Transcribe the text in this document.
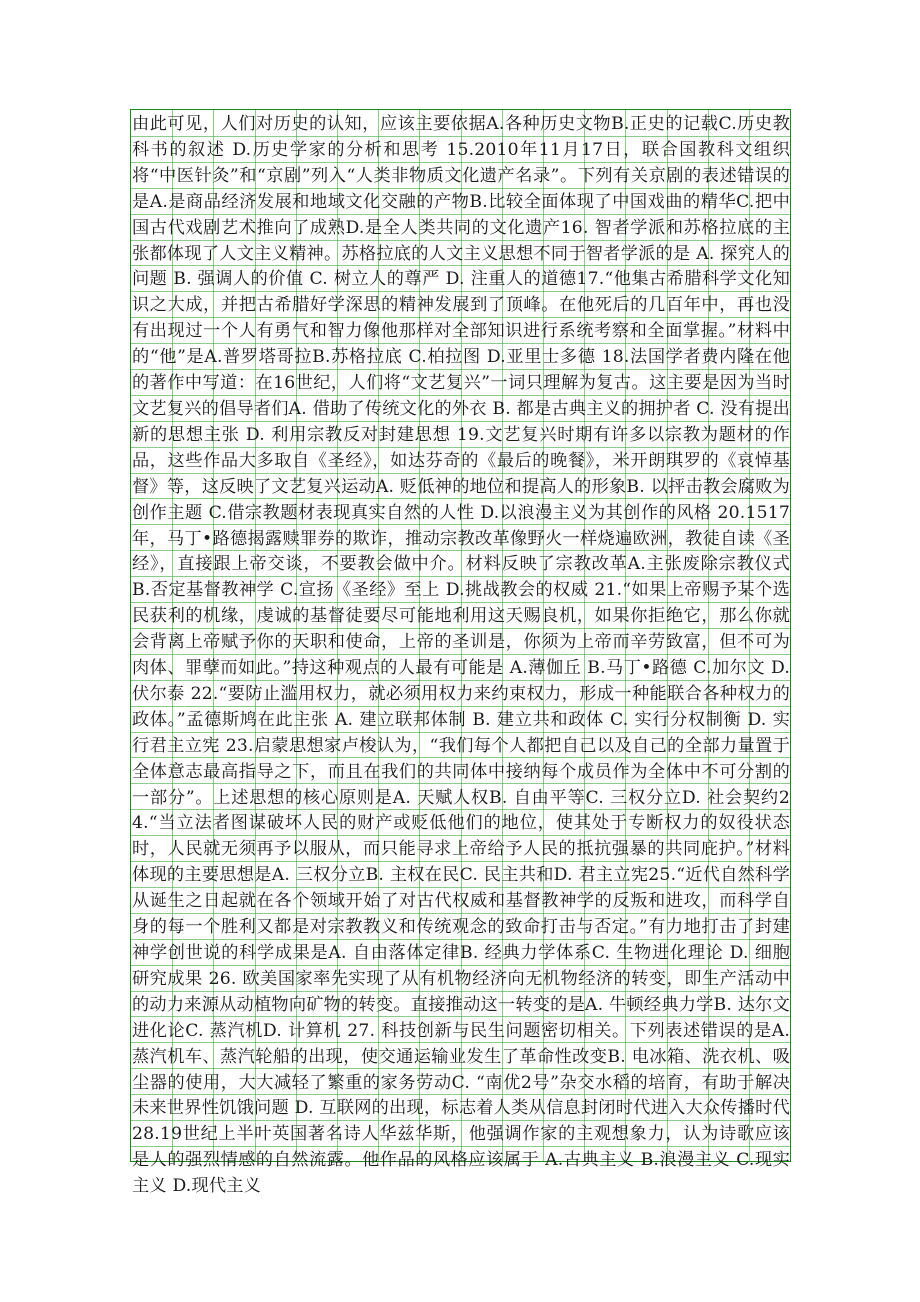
由此可见，人们对历史的认知，应该主要依据A.各种历史文物B.正史的记载C.历史教科书的叙述 D.历史学家的分析和思考 15.2010年11月17日，联合国教科文组织将“中医针灸”和“京剧”列入“人类非物质文化遗产名录”。下列有关京剧的表述错误的是A.是商品经济发展和地域文化交融的产物B.比较全面体现了中国戏曲的精华C.把中国古代戏剧艺术推向了成熟D.是全人类共同的文化遗产16. 智者学派和苏格拉底的主张都体现了人文主义精神。苏格拉底的人文主义思想不同于智者学派的是 A. 探究人的问题 B. 强调人的价值 C. 树立人的尊严 D. 注重人的道德17.“他集古希腊科学文化知识之大成，并把古希腊好学深思的精神发展到了顶峰。在他死后的几百年中，再也没有出现过一个人有勇气和智力像他那样对全部知识进行系统考察和全面掌握。”材料中的“他”是A.普罗塔哥拉B.苏格拉底 C.柏拉图 D.亚里士多德 18.法国学者费内隆在他的著作中写道：在16世纪，人们将“文艺复兴”一词只理解为复古。这主要是因为当时文艺复兴的倡导者们A. 借助了传统文化的外衣 B. 都是古典主义的拥护者 C. 没有提出新的思想主张 D. 利用宗教反对封建思想 19.文艺复兴时期有许多以宗教为题材的作品，这些作品大多取自《圣经》，如达芬奇的《最后的晚餐》，米开朗琪罗的《哀悼基督》等，这反映了文艺复兴运动A. 贬低神的地位和提高人的形象B. 以抨击教会腐败为创作主题 C.借宗教题材表现真实自然的人性 D.以浪漫主义为其创作的风格 20.1517年，马丁•路德揭露赎罪券的欺诈，推动宗教改革像野火一样烧遍欧洲，教徒自读《圣经》，直接跟上帝交谈，不要教会做中介。材料反映了宗教改革A.主张废除宗教仪式 B.否定基督教神学 C.宣扬《圣经》至上 D.挑战教会的权威 21.“如果上帝赐予某个选民获利的机缘，虔诚的基督徒要尽可能地利用这天赐良机，如果你拒绝它，那么你就会背离上帝赋予你的天职和使命，上帝的圣训是，你须为上帝而辛劳致富，但不可为肉体、罪孽而如此。”持这种观点的人最有可能是 A.薄伽丘 B.马丁•路德 C.加尔文 D.伏尔泰 22.“要防止滥用权力，就必须用权力来约束权力，形成一种能联合各种权力的政体。”孟德斯鸠在此主张 A. 建立联邦体制 B. 建立共和政体 C. 实行分权制衡 D. 实行君主立宪 23.启蒙思想家卢梭认为，“我们每个人都把自己以及自己的全部力量置于全体意志最高指导之下，而且在我们的共同体中接纳每个成员作为全体中不可分割的一部分”。上述思想的核心原则是A. 天赋人权B. 自由平等C. 三权分立D. 社会契约24.“当立法者图谋破坏人民的财产或贬低他们的地位，使其处于专断权力的奴役状态时，人民就无须再予以服从，而只能寻求上帝给予人民的抵抗强暴的共同庇护。”材料体现的主要思想是A. 三权分立B. 主权在民C. 民主共和D. 君主立宪25.“近代自然科学从诞生之日起就在各个领域开始了对古代权威和基督教神学的反叛和进攻，而科学自身的每一个胜利又都是对宗教教义和传统观念的致命打击与否定。”有力地打击了封建神学创世说的科学成果是A. 自由落体定律B. 经典力学体系C. 生物进化理论 D. 细胞研究成果 26. 欧美国家率先实现了从有机物经济向无机物经济的转变，即生产活动中的动力来源从动植物向矿物的转变。直接推动这一转变的是A. 牛顿经典力学B. 达尔文进化论C. 蒸汽机D. 计算机 27. 科技创新与民生问题密切相关。下列表述错误的是A. 蒸汽机车、蒸汽轮船的出现，使交通运输业发生了革命性改变B. 电冰箱、洗衣机、吸尘器的使用，大大减轻了繁重的家务劳动C. “南优2号”杂交水稻的培育，有助于解决未来世界性饥饿问题 D. 互联网的出现，标志着人类从信息封闭时代进入大众传播时代 28.19世纪上半叶英国著名诗人华兹华斯，他强调作家的主观想象力，认为诗歌应该是人的强烈情感的自然流露。他作品的风格应该属于 A.古典主义 B.浪漫主义 C.现实主义 D.现代主义
